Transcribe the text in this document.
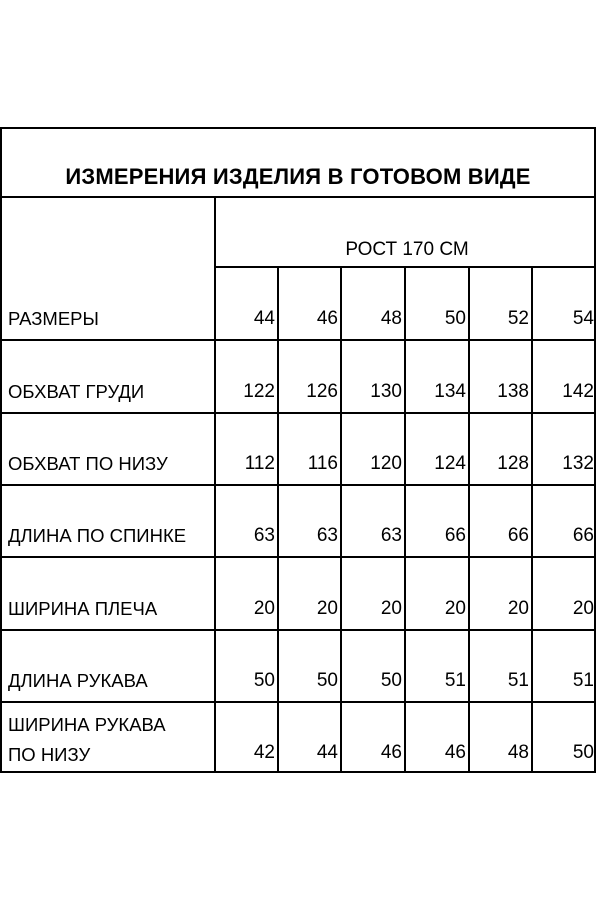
ИЗМЕРЕНИЯ ИЗДЕЛИЯ В ГОТОВОМ ВИДЕ
РОСТ 170 СМ
РАЗМЕРЫ	44	46	48	50	52	54
ОБХВАТ ГРУДИ	122	126	130	134	138	142
ОБХВАТ ПО НИЗУ	112	116	120	124	128	132
ДЛИНА ПО СПИНКЕ	63	63	63	66	66	66
ШИРИНА ПЛЕЧА	20	20	20	20	20	20
ДЛИНА РУКАВА	50	50	50	51	51	51
ШИРИНА РУКАВА
ПО НИЗУ	42	44	46	46	48	50
